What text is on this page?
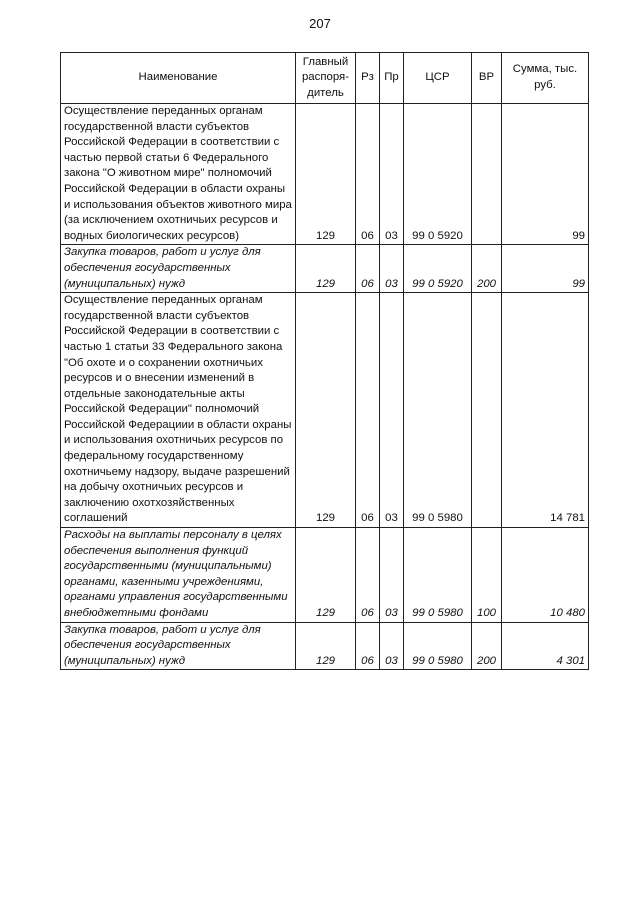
207
Наименование	Главный распоря-дитель	Рз	Пр	ЦСР	ВР	Сумма, тыс. руб.
Осуществление переданных органам государственной власти субъектов Российской Федерации в соответствии с частью первой статьи 6 Федерального закона "О животном мире" полномочий Российской Федерации в области охраны и использования объектов животного мира (за исключением охотничьих ресурсов и водных биологических ресурсов)	129	06	03	99 0 5920		99
Закупка товаров, работ и услуг для обеспечения государственных (муниципальных) нужд	129	06	03	99 0 5920	200	99
Осуществление переданных органам государственной власти субъектов Российской Федерации в соответствии с частью 1 статьи 33 Федерального закона "Об охоте и о сохранении охотничьих ресурсов и о внесении изменений в отдельные законодательные акты Российской Федерации" полномочий Российской Федерациии в области охраны и использования охотничьих ресурсов по федеральному государственному охотничьему надзору, выдаче разрешений на добычу охотничьих ресурсов и заключению охотхозяйственных соглашений	129	06	03	99 0 5980		14 781
Расходы на выплаты персоналу в целях обеспечения выполнения функций государственными (муниципальными) органами, казенными учреждениями, органами управления государственными внебюджетными фондами	129	06	03	99 0 5980	100	10 480
Закупка товаров, работ и услуг для обеспечения государственных (муниципальных) нужд	129	06	03	99 0 5980	200	4 301
